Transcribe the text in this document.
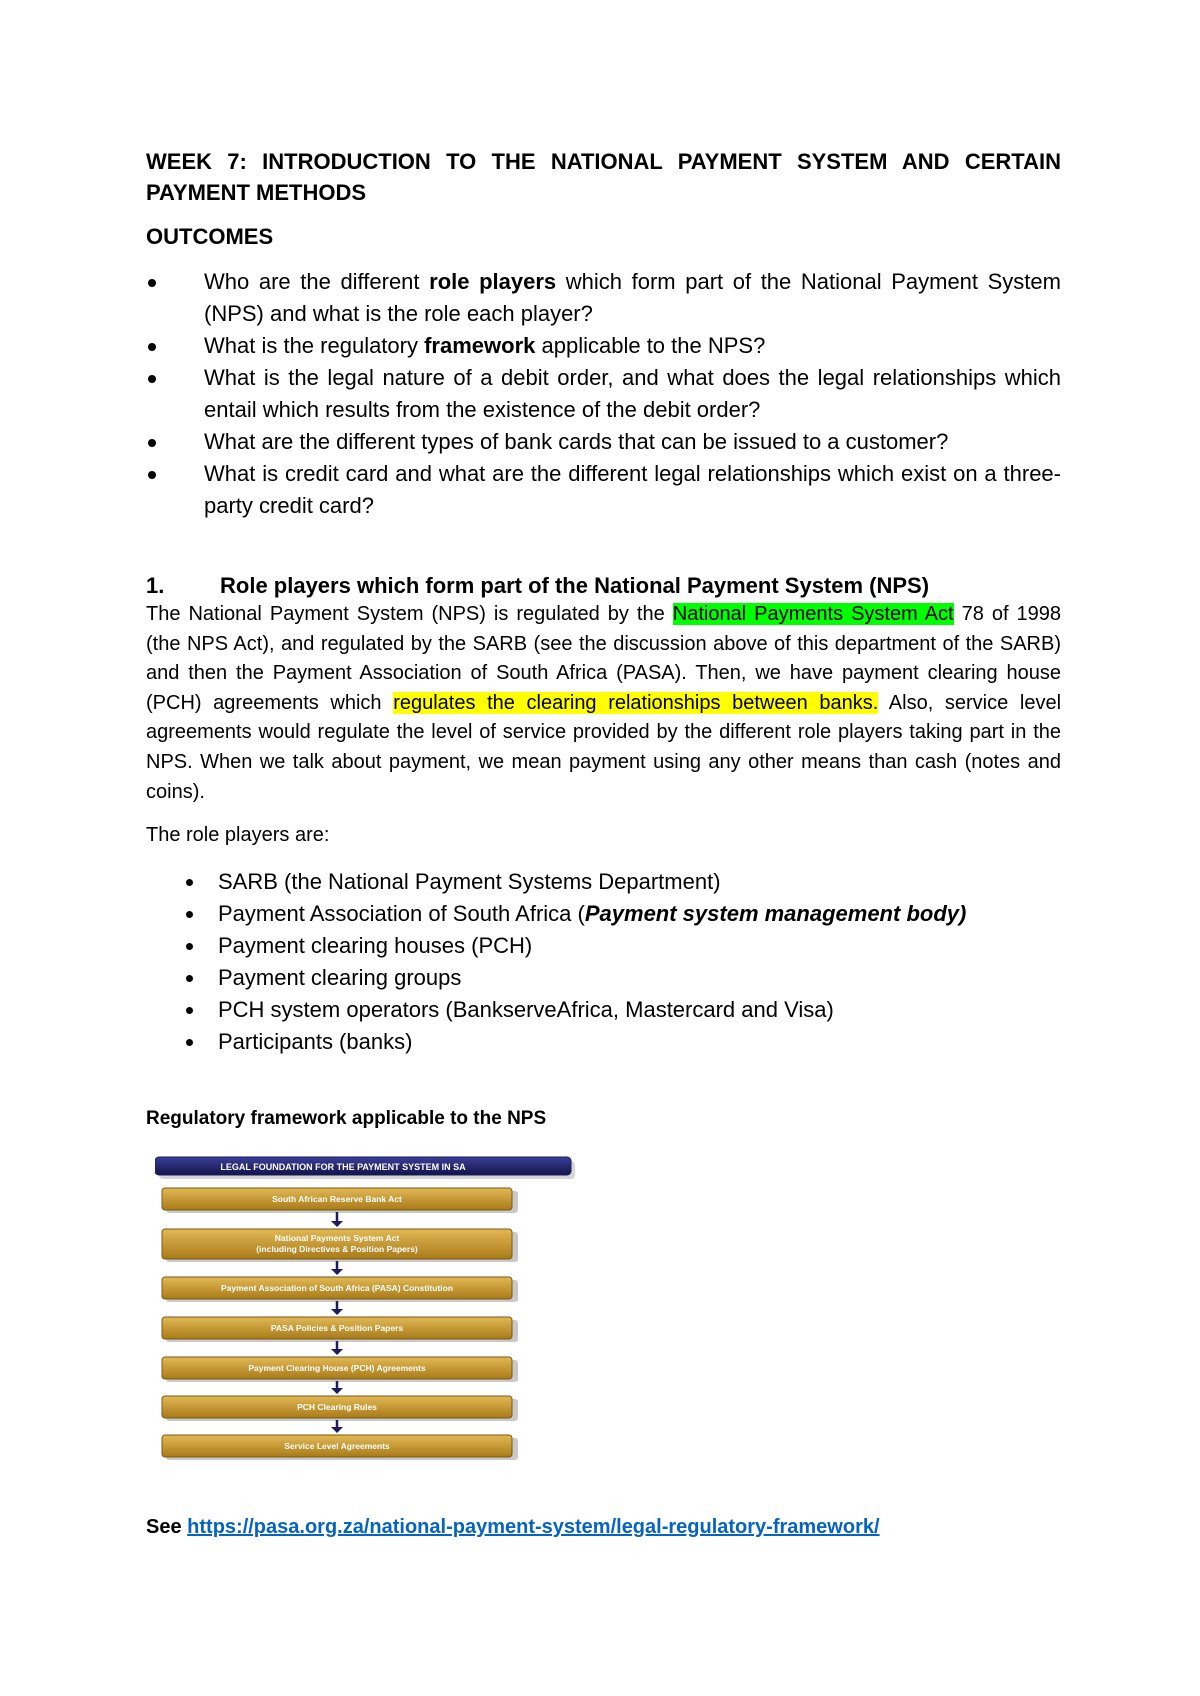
WEEK 7: INTRODUCTION TO THE NATIONAL PAYMENT SYSTEM AND CERTAIN PAYMENT METHODS
OUTCOMES
Who are the different role players which form part of the National Payment System (NPS) and what is the role each player?
What is the regulatory framework applicable to the NPS?
What is the legal nature of a debit order, and what does the legal relationships which entail which results from the existence of the debit order?
What are the different types of bank cards that can be issued to a customer?
What is credit card and what are the different legal relationships which exist on a three-party credit card?
1.	Role players which form part of the National Payment System (NPS)
The National Payment System (NPS) is regulated by the National Payments System Act 78 of 1998 (the NPS Act), and regulated by the SARB (see the discussion above of this department of the SARB) and then the Payment Association of South Africa (PASA). Then, we have payment clearing house (PCH) agreements which regulates the clearing relationships between banks. Also, service level agreements would regulate the level of service provided by the different role players taking part in the NPS. When we talk about payment, we mean payment using any other means than cash (notes and coins).
The role players are:
SARB (the National Payment Systems Department)
Payment Association of South Africa (Payment system management body)
Payment clearing houses (PCH)
Payment clearing groups
PCH system operators (BankserveAfrica, Mastercard and Visa)
Participants (banks)
Regulatory framework applicable to the NPS
LEGAL FOUNDATION FOR THE PAYMENT SYSTEM IN SA
South African Reserve Bank Act
National Payments System Act
(including Directives & Position Papers)
Payment Association of South Africa (PASA) Constitution
PASA Policies & Position Papers
Payment Clearing House (PCH) Agreements
PCH Clearing Rules
Service Level Agreements
See https://pasa.org.za/national-payment-system/legal-regulatory-framework/
